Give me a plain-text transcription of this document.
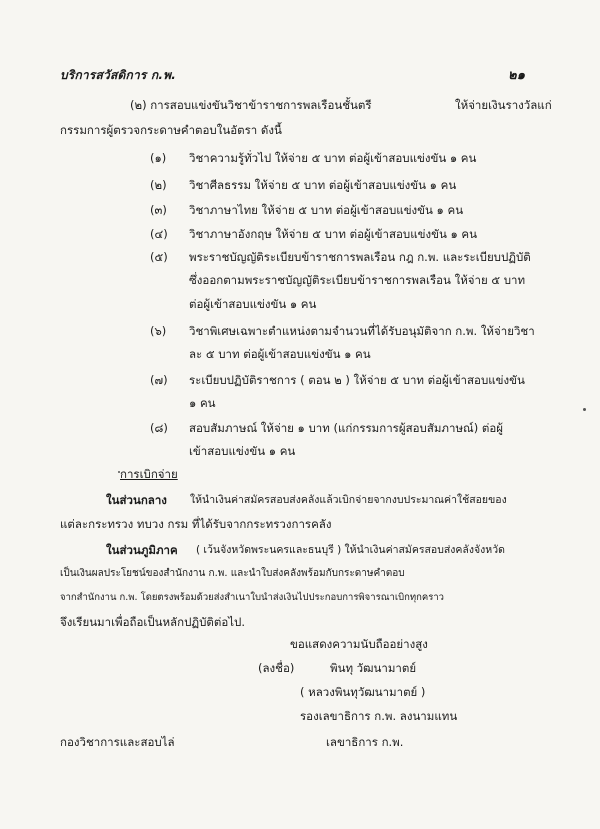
บริการสวัสดิการ ก.พ.	๒๑
(๒) การสอบแข่งขันวิชาข้าราชการพลเรือนชั้นตรี	ให้จ่ายเงินรางวัลแก่
กรรมการผู้ตรวจกระดาษคำตอบในอัตรา ดังนี้
(๑) วิชาความรู้ทั่วไป ให้จ่าย ๕ บาท ต่อผู้เข้าสอบแข่งขัน ๑ คน
(๒) วิชาศีลธรรม ให้จ่าย ๕ บาท ต่อผู้เข้าสอบแข่งขัน ๑ คน
(๓) วิชาภาษาไทย ให้จ่าย ๕ บาท ต่อผู้เข้าสอบแข่งขัน ๑ คน
(๔) วิชาภาษาอังกฤษ ให้จ่าย ๕ บาท ต่อผู้เข้าสอบแข่งขัน ๑ คน
(๕) พระราชบัญญัติระเบียบข้าราชการพลเรือน กฎ ก.พ. และระเบียบปฏิบัติ
ซึ่งออกตามพระราชบัญญัติระเบียบข้าราชการพลเรือน ให้จ่าย ๕ บาท
ต่อผู้เข้าสอบแข่งขัน ๑ คน
(๖) วิชาพิเศษเฉพาะตำแหน่งตามจำนวนที่ได้รับอนุมัติจาก ก.พ. ให้จ่ายวิชา
ละ ๕ บาท ต่อผู้เข้าสอบแข่งขัน ๑ คน
(๗) ระเบียบปฏิบัติราชการ ( ตอน ๒ ) ให้จ่าย ๕ บาท ต่อผู้เข้าสอบแข่งขัน
๑ คน
(๘) สอบสัมภาษณ์ ให้จ่าย ๑ บาท (แก่กรรมการผู้สอบสัมภาษณ์) ต่อผู้
เข้าสอบแข่งขัน ๑ คน
การเบิกจ่าย
ในส่วนกลาง ให้นำเงินค่าสมัครสอบส่งคลังแล้วเบิกจ่ายจากงบประมาณค่าใช้สอยของ
แต่ละกระทรวง ทบวง กรม ที่ได้รับจากกระทรวงการคลัง
ในส่วนภูมิภาค ( เว้นจังหวัดพระนครและธนบุรี ) ให้นำเงินค่าสมัครสอบส่งคลังจังหวัด
เป็นเงินผลประโยชน์ของสำนักงาน ก.พ. และนำใบส่งคลังพร้อมกับกระดาษคำตอบ
จากสำนักงาน ก.พ. โดยตรงพร้อมด้วยส่งสำเนาใบนำส่งเงินไปประกอบการพิจารณาเบิกทุกคราว
จึงเรียนมาเพื่อถือเป็นหลักปฏิบัติต่อไป.
ขอแสดงความนับถืออย่างสูง
(ลงชื่อ)	พินทุ วัฒนามาตย์
( หลวงพินทุวัฒนามาตย์ )
รองเลขาธิการ ก.พ. ลงนามแทน
เลขาธิการ ก.พ.
กองวิชาการและสอบไล่
